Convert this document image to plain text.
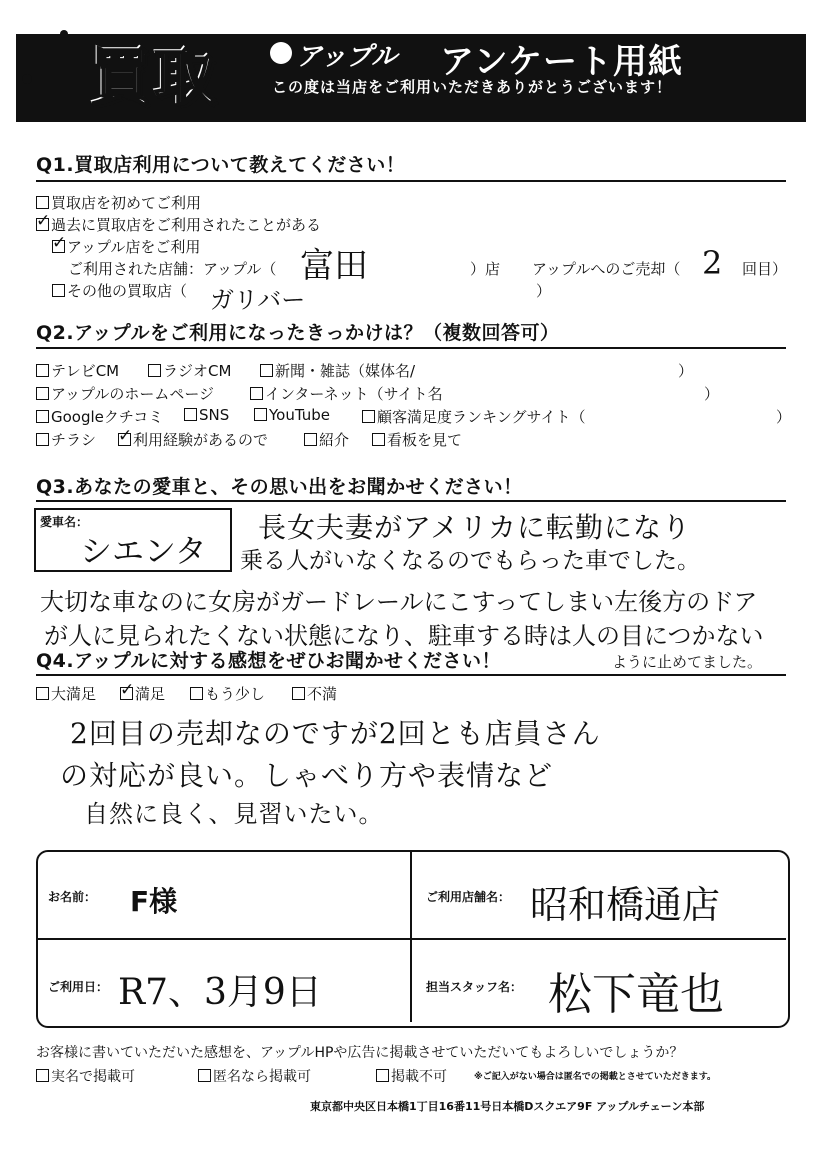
買取	アップル アンケート用紙
この度は当店をご利用いただきありがとうございます！
Q1.買取店利用について教えてください！
買取店を初めてご利用
✓過去に買取店をご利用されたことがある
✓アップル店をご利用
ご利用された店舗：アップル（ 富田	）店 アップルへのご売却（ 2 回目）
その他の買取店（ ガリバー	）
Q2.アップルをご利用になったきっかけは？（複数回答可）
テレビCM	ラジオCM	新聞・雑誌（媒体名/	）
アップルのホームページ	インターネット（サイト名	）
Googleクチコミ	SNS	YouTube	顧客満足度ランキングサイト（	）
チラシ ✓	利用経験があるので	紹介	看板を見て
Q3.あなたの愛車と、その思い出をお聞かせください！
愛車名：
シエンタ
長女夫妻がアメリカに転勤になり
乗る人がいなくなるのでもらった車でした。
大切な車なのに女房がガードレールにこすってしまい左後方のドア
が人に見られたくない状態になり、駐車する時は人の目につかない
ように止めてました。
Q4.アップルに対する感想をぜひお聞かせください！
大満足 ✓	満足	もう少し	不満
2回目の売却なのですが2回とも店員さん
の対応が良い。しゃべり方や表情など
自然に良く、見習いたい。
お名前： F様	ご利用店舗名： 昭和橋通店
ご利用日： R7、3月9日	担当スタッフ名： 松下竜也
お客様に書いていただいた感想を、アップルHPや広告に掲載させていただいてもよろしいでしょうか？
実名で掲載可	匿名なら掲載可	掲載不可	※ご記入がない場合は匿名での掲載とさせていただきます。
東京都中央区日本橋1丁目16番11号日本橋Dスクエア9F アップルチェーン本部
